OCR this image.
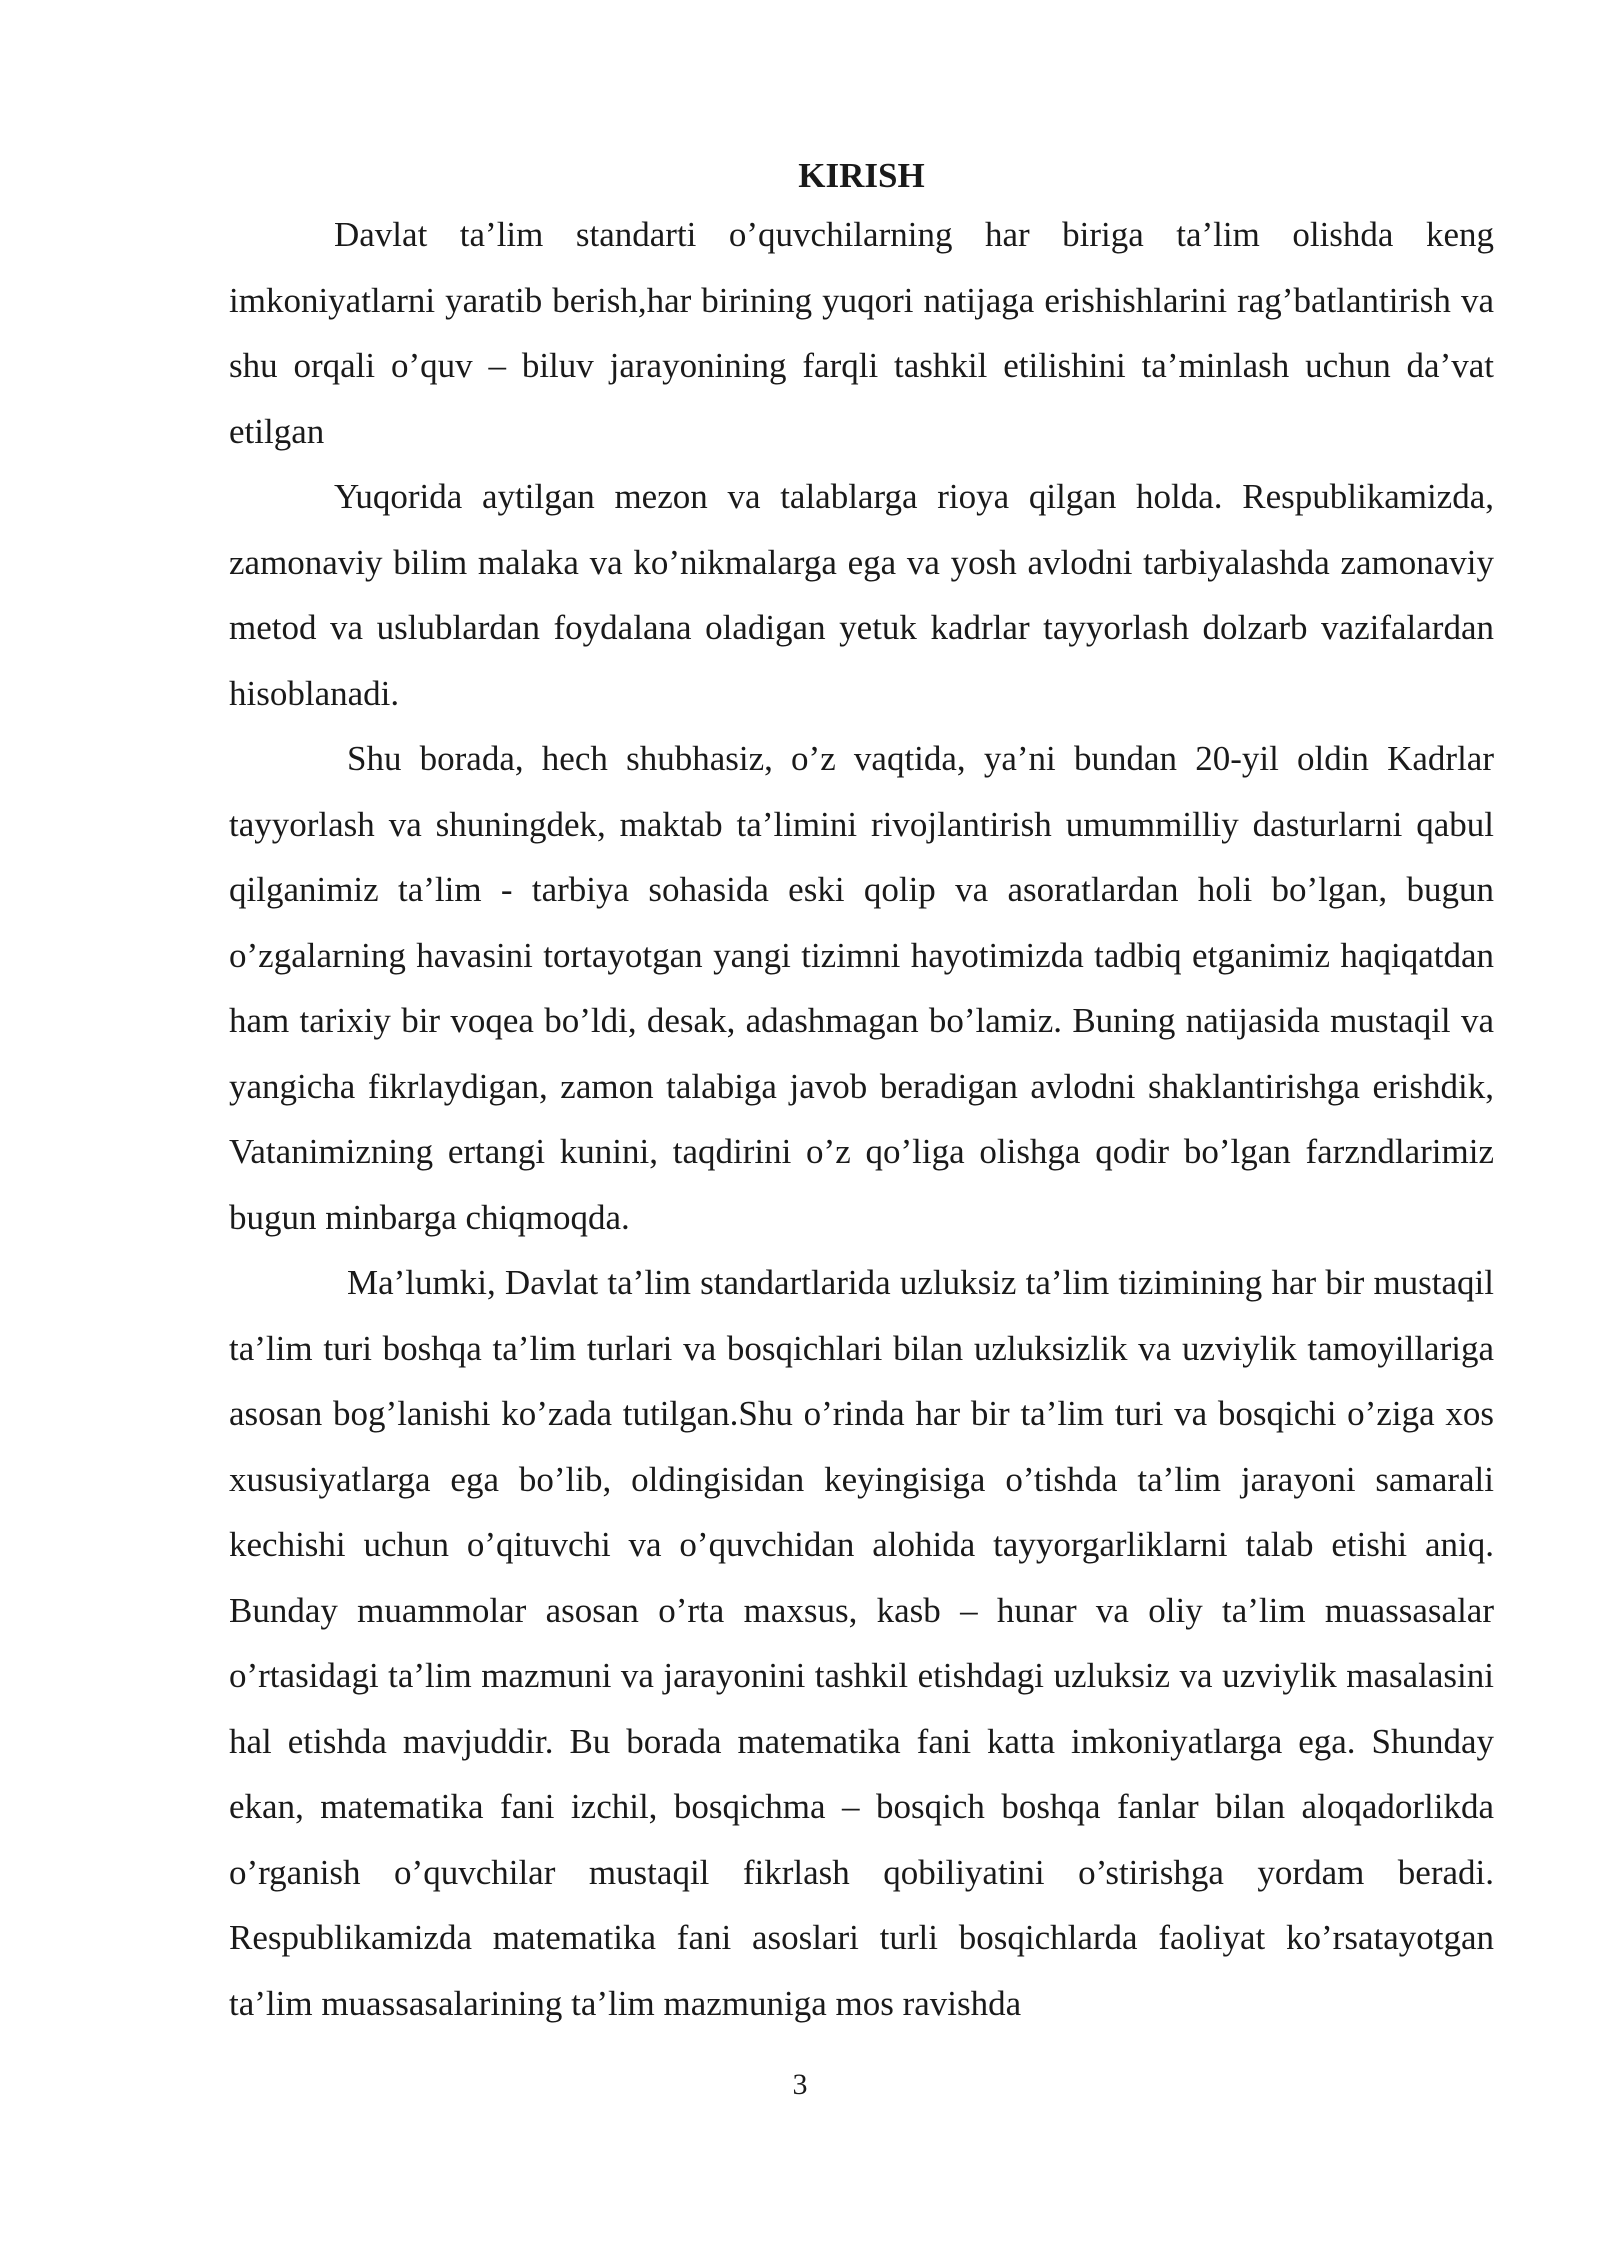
KIRISH

Davlat ta’lim standarti o’quvchilarning har biriga ta’lim olishda keng imkoniyatlarni yaratib berish,har birining yuqori natijaga erishishlarini rag’batlantirish va shu orqali o’quv – biluv jarayonining farqli tashkil etilishini ta’minlash uchun da’vat etilgan

Yuqorida aytilgan mezon va talablarga rioya qilgan holda. Respublikamizda, zamonaviy bilim malaka va ko’nikmalarga ega va yosh avlodni tarbiyalashda zamonaviy metod va uslublardan foydalana oladigan yetuk kadrlar tayyorlash dolzarb vazifalardan hisoblanadi.

Shu borada, hech shubhasiz, o’z vaqtida, ya’ni bundan 20-yil oldin Kadrlar tayyorlash va shuningdek, maktab ta’limini rivojlantirish umummilliy dasturlarni qabul qilganimiz ta’lim - tarbiya sohasida eski qolip va asoratlardan holi bo’lgan, bugun o’zgalarning havasini tortayotgan yangi tizimni hayotimizda tadbiq etganimiz haqiqatdan ham tarixiy bir voqea bo’ldi, desak, adashmagan bo’lamiz. Buning natijasida mustaqil va yangicha fikrlaydigan, zamon talabiga javob beradigan avlodni shaklantirishga erishdik, Vatanimizning ertangi kunini, taqdirini o’z qo’liga olishga qodir bo’lgan farzndlarimiz bugun minbarga chiqmoqda.

Ma’lumki, Davlat ta’lim standartlarida uzluksiz ta’lim tizimining har bir mustaqil ta’lim turi boshqa ta’lim turlari va bosqichlari bilan uzluksizlik va uzviylik tamoyillariga asosan bog’lanishi ko’zada tutilgan.Shu o’rinda har bir ta’lim turi va bosqichi o’ziga xos xususiyatlarga ega bo’lib, oldingisidan keyingisiga o’tishda ta’lim jarayoni samarali kechishi uchun o’qituvchi va o’quvchidan alohida tayyorgarliklarni talab etishi aniq. Bunday muammolar asosan o’rta maxsus, kasb – hunar va oliy ta’lim muassasalar o’rtasidagi ta’lim mazmuni va jarayonini tashkil etishdagi uzluksiz va uzviylik masalasini hal etishda mavjuddir. Bu borada matematika fani katta imkoniyatlarga ega. Shunday ekan, matematika fani izchil, bosqichma – bosqich boshqa fanlar bilan aloqadorlikda o’rganish o’quvchilar mustaqil fikrlash qobiliyatini o’stirishga yordam beradi. Respublikamizda matematika fani asoslari turli bosqichlarda faoliyat ko’rsatayotgan ta’lim muassasalarining ta’lim mazmuniga mos ravishda

3
